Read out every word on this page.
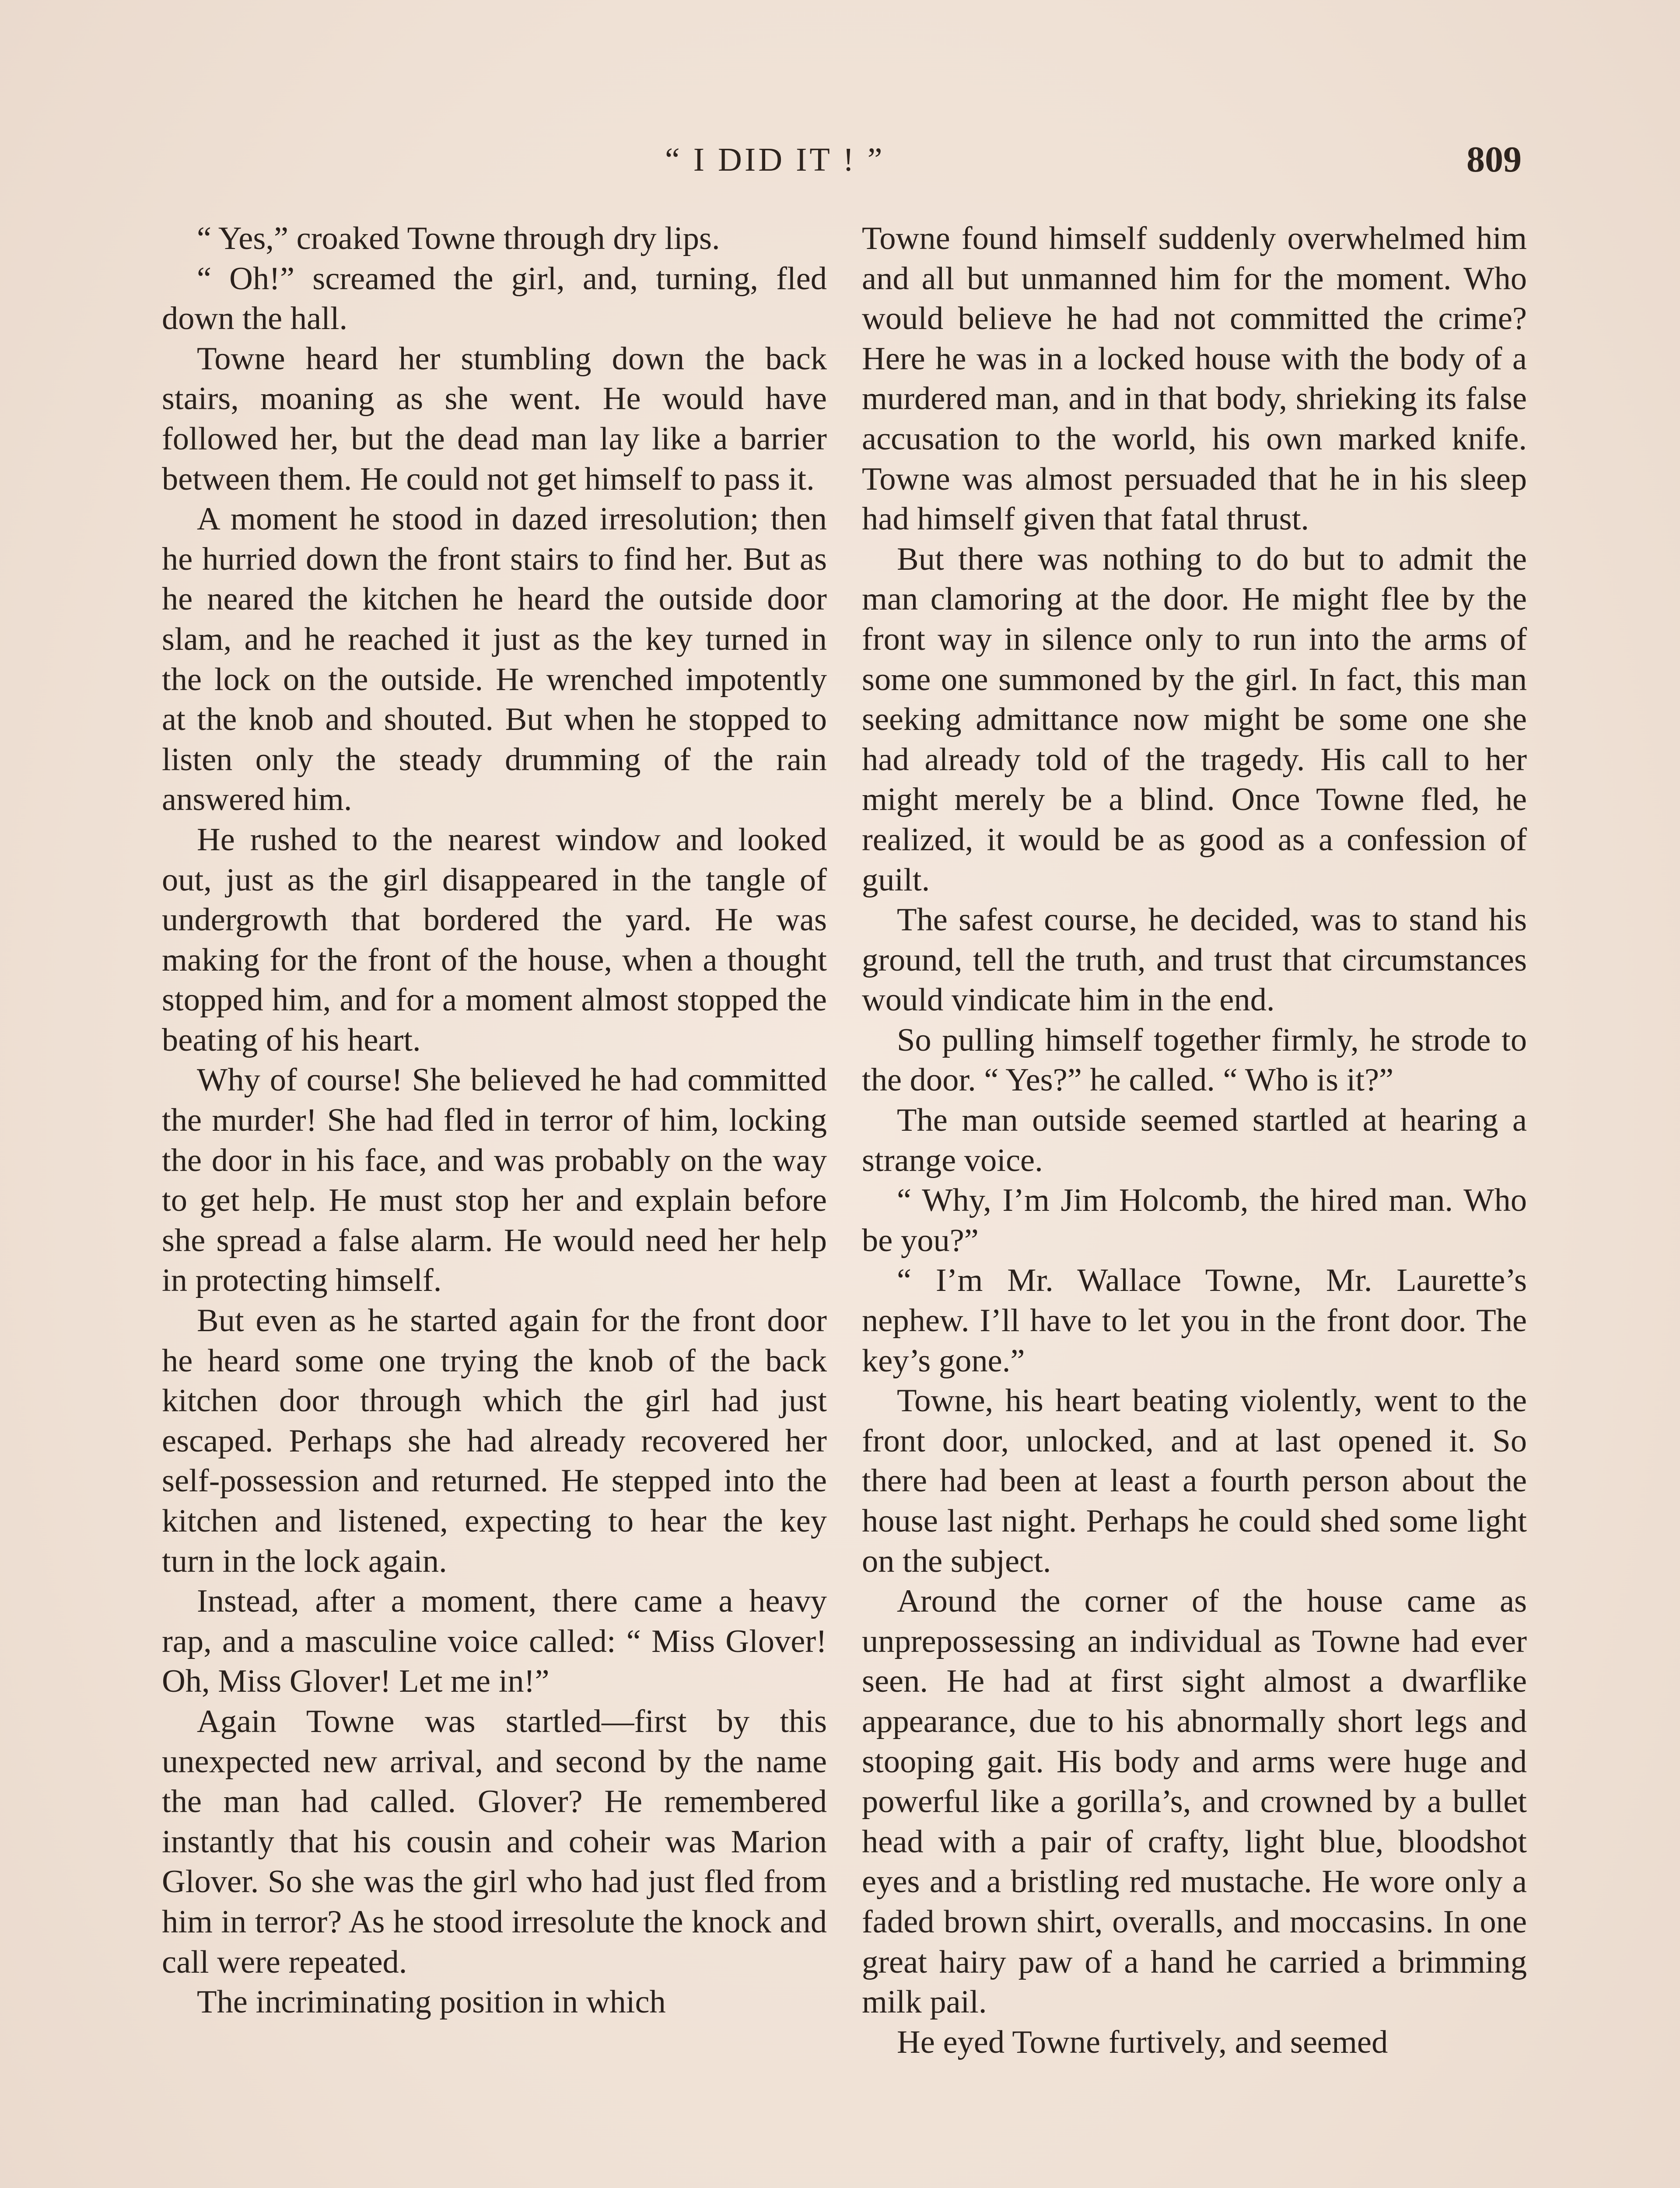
“ I DID IT ! ”	809

“ Yes,” croaked Towne through dry lips.

“ Oh!” screamed the girl, and, turning, fled down the hall.

Towne heard her stumbling down the back stairs, moaning as she went. He would have followed her, but the dead man lay like a barrier between them. He could not get himself to pass it.

A moment he stood in dazed irresolution; then he hurried down the front stairs to find her. But as he neared the kitchen he heard the outside door slam, and he reached it just as the key turned in the lock on the outside. He wrenched impotently at the knob and shouted. But when he stopped to listen only the steady drumming of the rain answered him.

He rushed to the nearest window and looked out, just as the girl disappeared in the tangle of undergrowth that bordered the yard. He was making for the front of the house, when a thought stopped him, and for a moment almost stopped the beating of his heart.

Why of course! She believed he had committed the murder! She had fled in terror of him, locking the door in his face, and was probably on the way to get help. He must stop her and explain before she spread a false alarm. He would need her help in protecting himself.

But even as he started again for the front door he heard some one trying the knob of the back kitchen door through which the girl had just escaped. Perhaps she had already recovered her self-possession and returned. He stepped into the kitchen and listened, expecting to hear the key turn in the lock again.

Instead, after a moment, there came a heavy rap, and a masculine voice called: “ Miss Glover! Oh, Miss Glover! Let me in!”

Again Towne was startled—first by this unexpected new arrival, and second by the name the man had called. Glover? He remembered instantly that his cousin and coheir was Marion Glover. So she was the girl who had just fled from him in terror? As he stood irresolute the knock and call were repeated.

The incriminating position in which

Towne found himself suddenly overwhelmed him and all but unmanned him for the moment. Who would believe he had not committed the crime? Here he was in a locked house with the body of a murdered man, and in that body, shrieking its false accusation to the world, his own marked knife. Towne was almost persuaded that he in his sleep had himself given that fatal thrust.

But there was nothing to do but to admit the man clamoring at the door. He might flee by the front way in silence only to run into the arms of some one summoned by the girl. In fact, this man seeking admittance now might be some one she had already told of the tragedy. His call to her might merely be a blind. Once Towne fled, he realized, it would be as good as a confession of guilt.

The safest course, he decided, was to stand his ground, tell the truth, and trust that circumstances would vindicate him in the end.

So pulling himself together firmly, he strode to the door. “ Yes?” he called. “ Who is it?”

The man outside seemed startled at hearing a strange voice.

“ Why, I’m Jim Holcomb, the hired man. Who be you?”

“ I’m Mr. Wallace Towne, Mr. Laurette’s nephew. I’ll have to let you in the front door. The key’s gone.”

Towne, his heart beating violently, went to the front door, unlocked, and at last opened it. So there had been at least a fourth person about the house last night. Perhaps he could shed some light on the subject.

Around the corner of the house came as unprepossessing an individual as Towne had ever seen. He had at first sight almost a dwarflike appearance, due to his abnormally short legs and stooping gait. His body and arms were huge and powerful like a gorilla’s, and crowned by a bullet head with a pair of crafty, light blue, bloodshot eyes and a bristling red mustache. He wore only a faded brown shirt, overalls, and moccasins. In one great hairy paw of a hand he carried a brimming milk pail.

He eyed Towne furtively, and seemed
